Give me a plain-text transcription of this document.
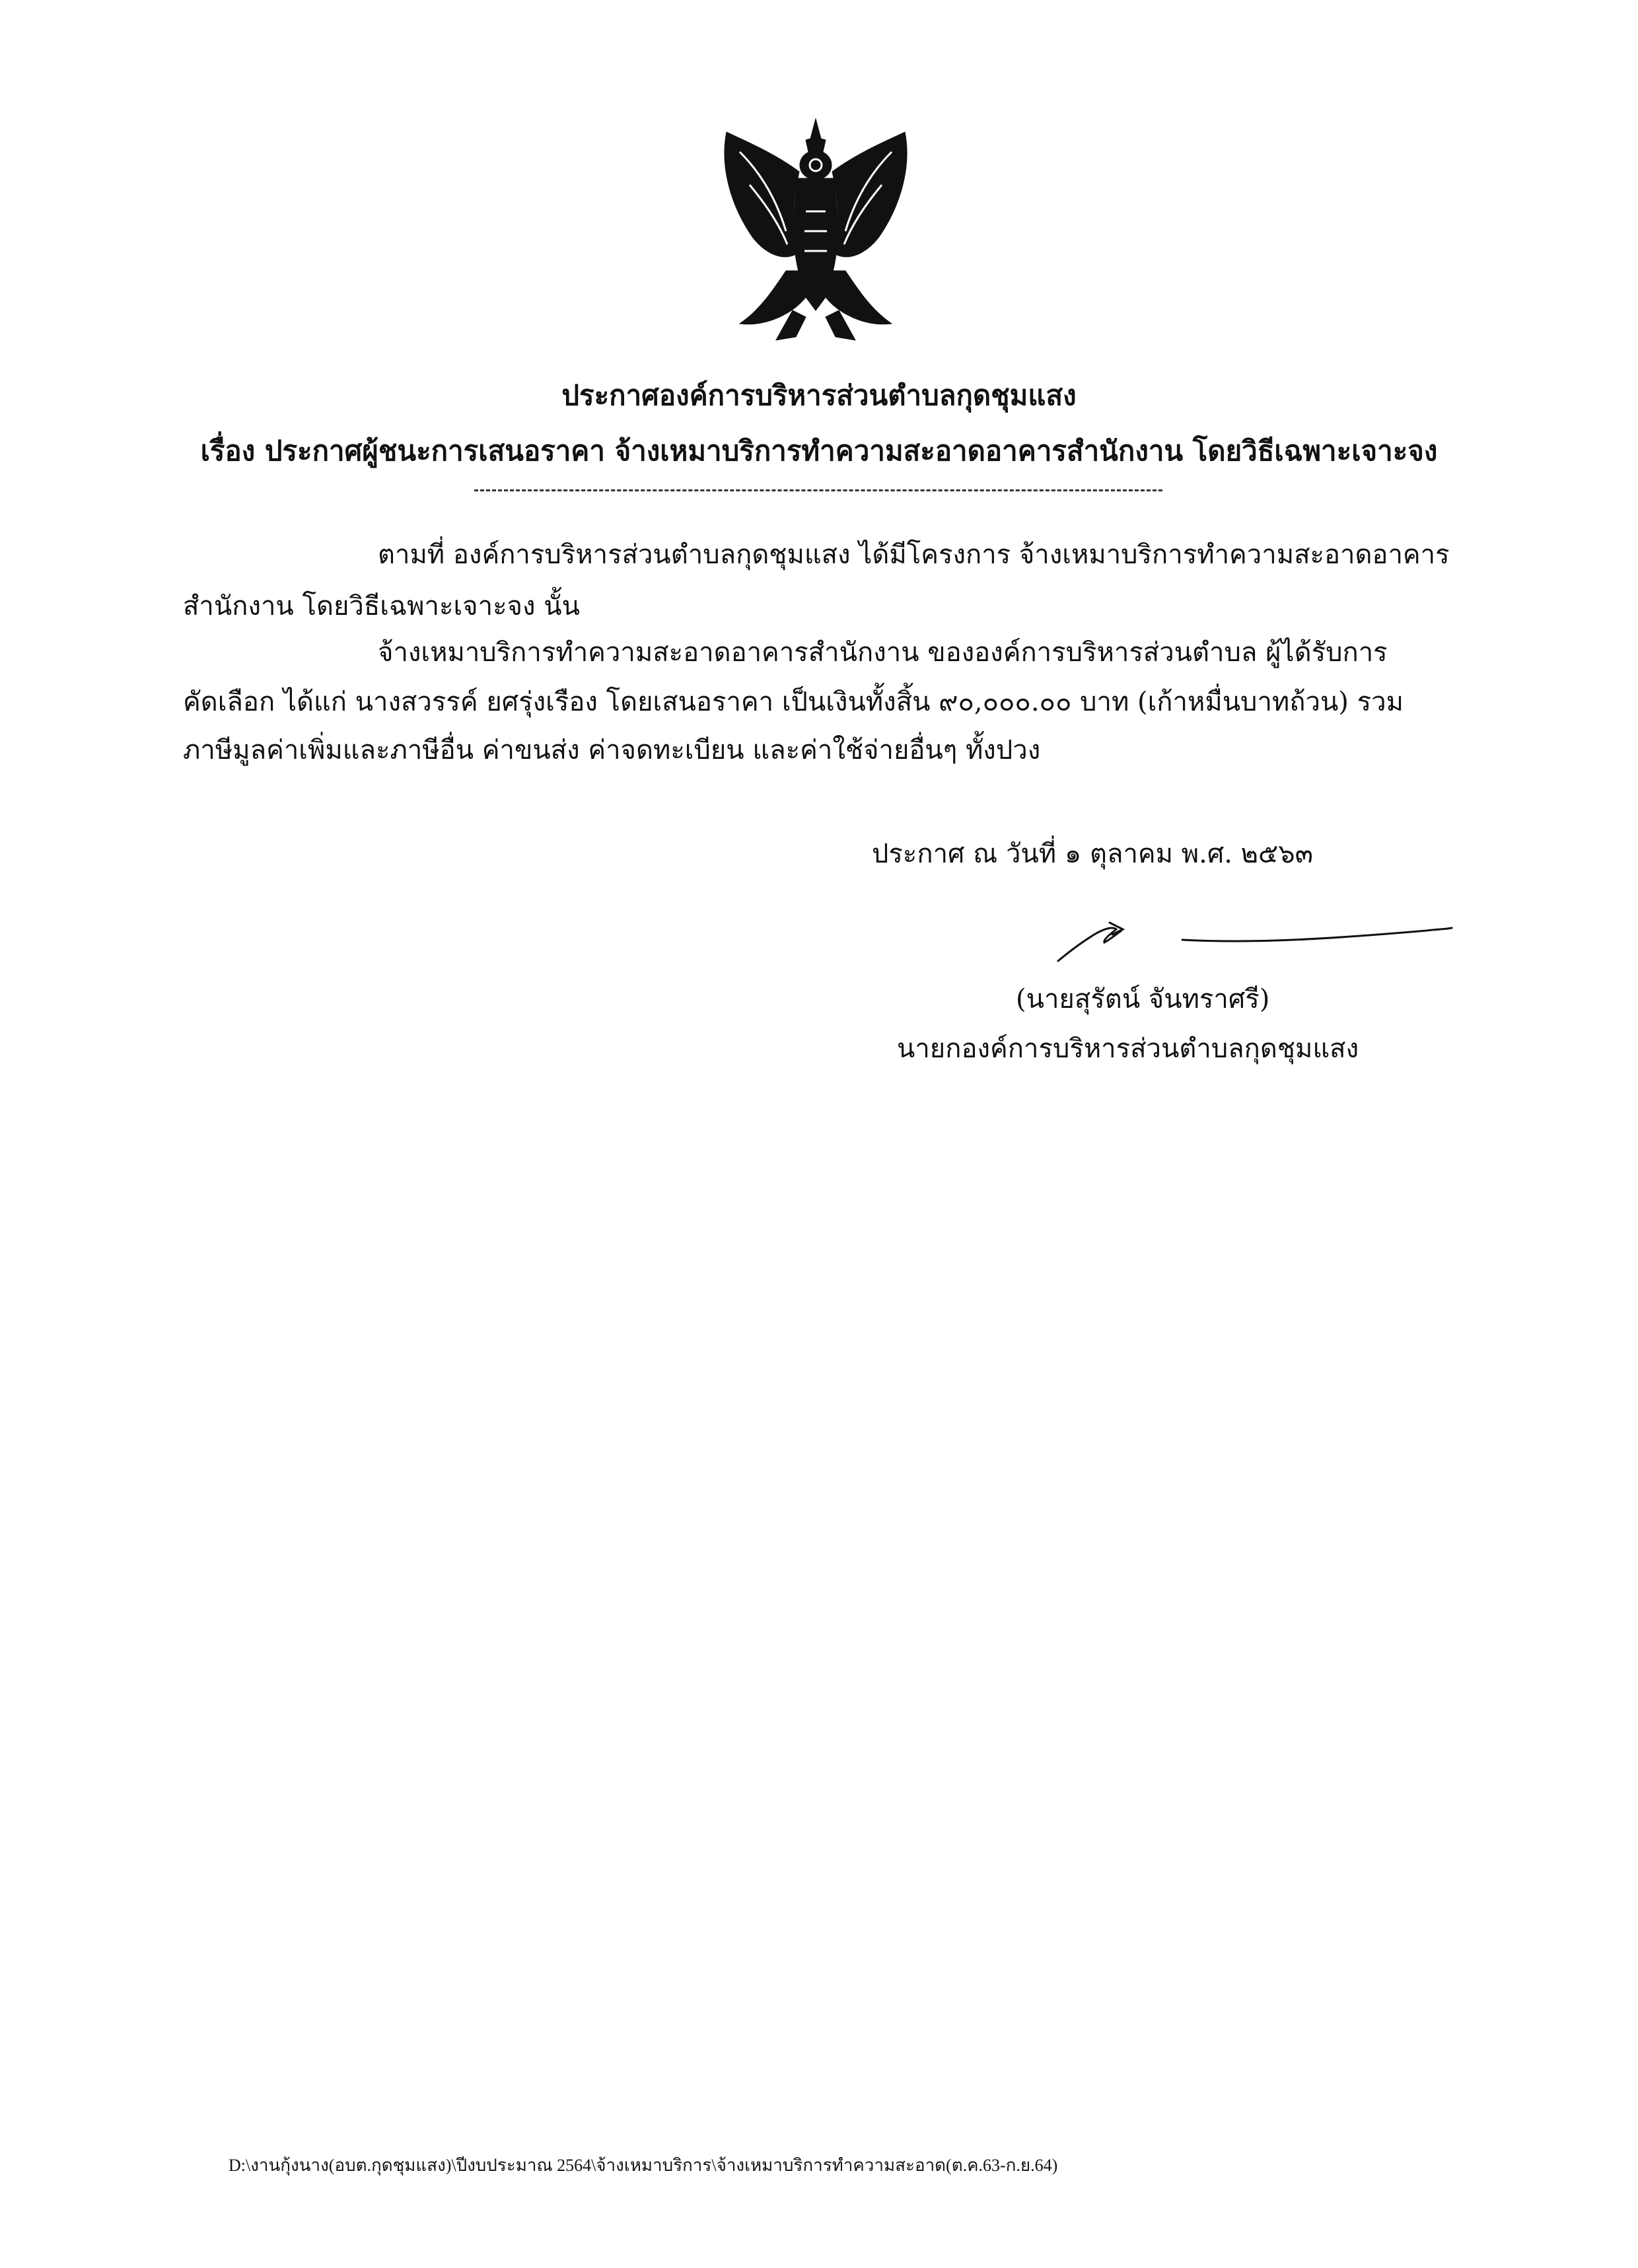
ประกาศองค์การบริหารส่วนตำบลกุดชุมแสง
เรื่อง ประกาศผู้ชนะการเสนอราคา จ้างเหมาบริการทำความสะอาดอาคารสำนักงาน โดยวิธีเฉพาะเจาะจง
ตามที่ องค์การบริหารส่วนตำบลกุดชุมแสง ได้มีโครงการ จ้างเหมาบริการทำความสะอาดอาคาร
สำนักงาน โดยวิธีเฉพาะเจาะจง นั้น
จ้างเหมาบริการทำความสะอาดอาคารสำนักงาน ขององค์การบริหารส่วนตำบล ผู้ได้รับการ
คัดเลือก ได้แก่ นางสวรรค์ ยศรุ่งเรือง โดยเสนอราคา เป็นเงินทั้งสิ้น ๙๐,๐๐๐.๐๐ บาท (เก้าหมื่นบาทถ้วน) รวม
ภาษีมูลค่าเพิ่มและภาษีอื่น ค่าขนส่ง ค่าจดทะเบียน และค่าใช้จ่ายอื่นๆ ทั้งปวง
ประกาศ ณ วันที่ ๑ ตุลาคม พ.ศ. ๒๕๖๓
(นายสุรัตน์ จันทราศรี)
นายกองค์การบริหารส่วนตำบลกุดชุมแสง
D:\งานกุ้งนาง(อบต.กุดชุมแสง)\ปีงบประมาณ 2564\จ้างเหมาบริการ\จ้างเหมาบริการทำความสะอาด(ต.ค.63-ก.ย.64)
